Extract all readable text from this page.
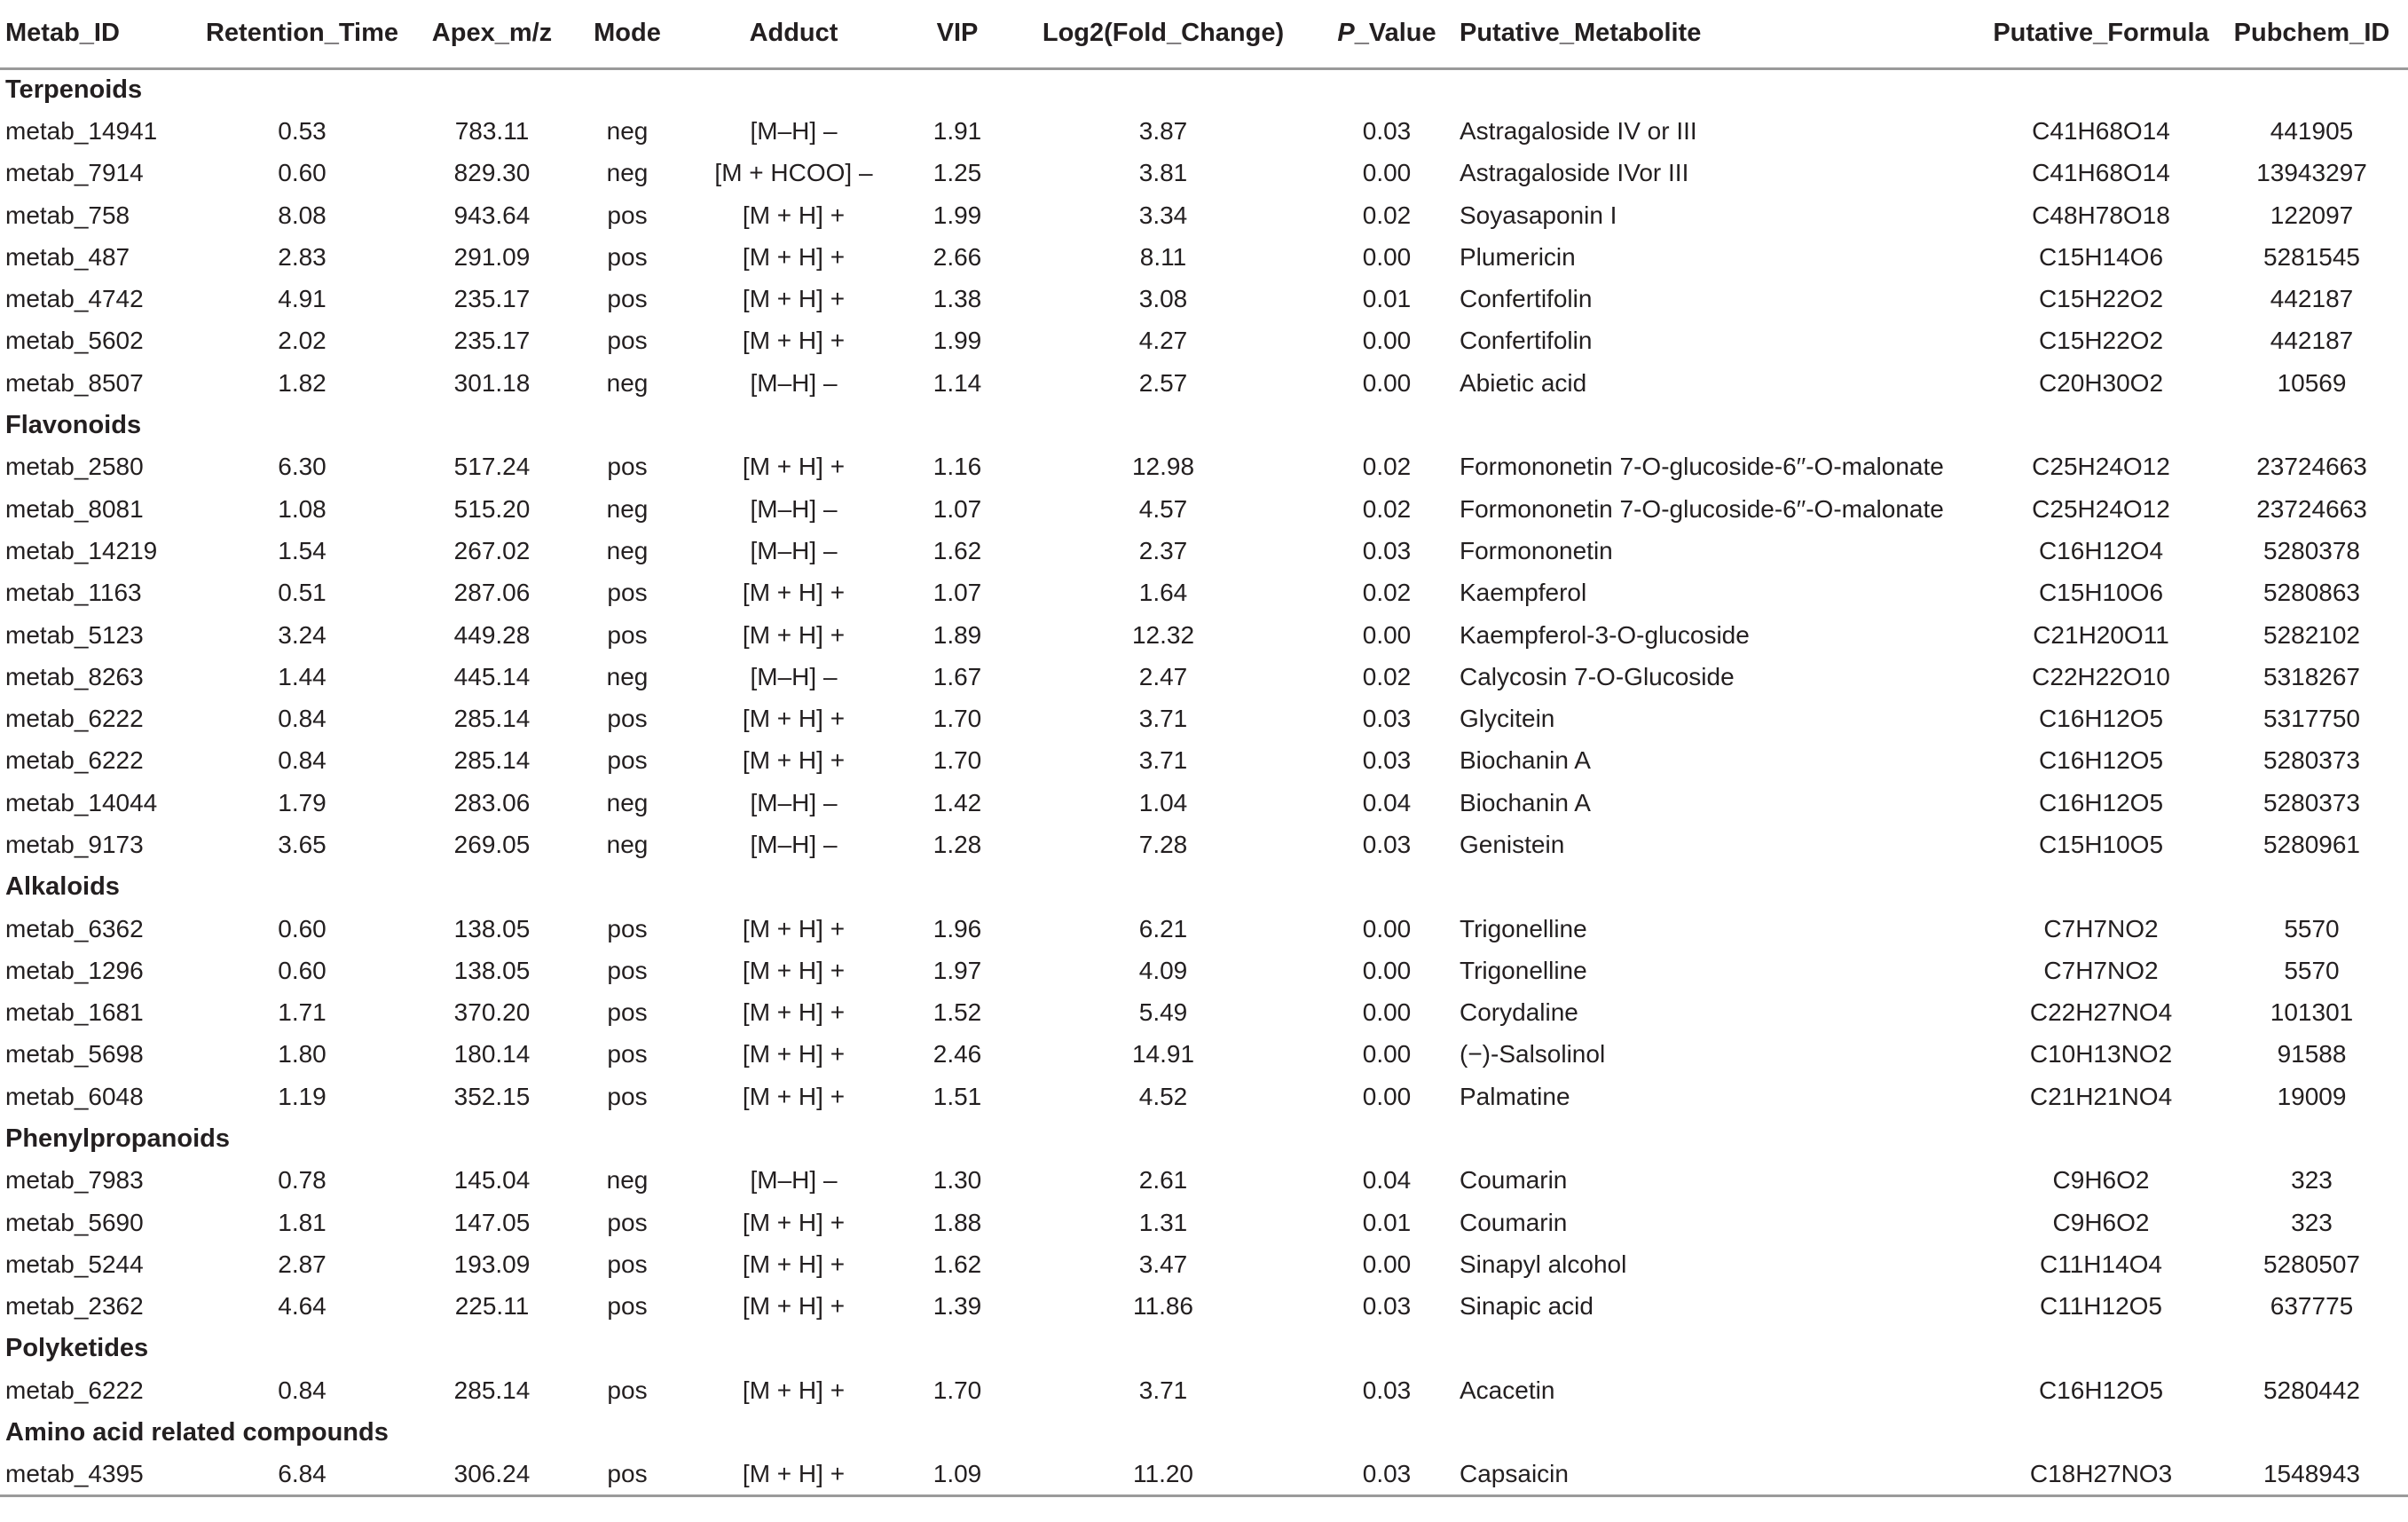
Metab_ID	Retention_Time	Apex_m/z	Mode	Adduct	VIP	Log2(Fold_Change)	P_Value	Putative_Metabolite	Putative_Formula	Pubchem_ID
Terpenoids										
metab_14941	0.53	783.11	neg	[M–H] –	1.91	3.87	0.03	Astragaloside IV or III	C41H68O14	441905
metab_7914	0.60	829.30	neg	[M + HCOO] –	1.25	3.81	0.00	Astragaloside IVor III	C41H68O14	13943297
metab_758	8.08	943.64	pos	[M + H] +	1.99	3.34	0.02	Soyasaponin I	C48H78O18	122097
metab_487	2.83	291.09	pos	[M + H] +	2.66	8.11	0.00	Plumericin	C15H14O6	5281545
metab_4742	4.91	235.17	pos	[M + H] +	1.38	3.08	0.01	Confertifolin	C15H22O2	442187
metab_5602	2.02	235.17	pos	[M + H] +	1.99	4.27	0.00	Confertifolin	C15H22O2	442187
metab_8507	1.82	301.18	neg	[M–H] –	1.14	2.57	0.00	Abietic acid	C20H30O2	10569
Flavonoids										
metab_2580	6.30	517.24	pos	[M + H] +	1.16	12.98	0.02	Formononetin 7-O-glucoside-6′′-O-malonate	C25H24O12	23724663
metab_8081	1.08	515.20	neg	[M–H] –	1.07	4.57	0.02	Formononetin 7-O-glucoside-6′′-O-malonate	C25H24O12	23724663
metab_14219	1.54	267.02	neg	[M–H] –	1.62	2.37	0.03	Formononetin	C16H12O4	5280378
metab_1163	0.51	287.06	pos	[M + H] +	1.07	1.64	0.02	Kaempferol	C15H10O6	5280863
metab_5123	3.24	449.28	pos	[M + H] +	1.89	12.32	0.00	Kaempferol-3-O-glucoside	C21H20O11	5282102
metab_8263	1.44	445.14	neg	[M–H] –	1.67	2.47	0.02	Calycosin 7-O-Glucoside	C22H22O10	5318267
metab_6222	0.84	285.14	pos	[M + H] +	1.70	3.71	0.03	Glycitein	C16H12O5	5317750
metab_6222	0.84	285.14	pos	[M + H] +	1.70	3.71	0.03	Biochanin A	C16H12O5	5280373
metab_14044	1.79	283.06	neg	[M–H] –	1.42	1.04	0.04	Biochanin A	C16H12O5	5280373
metab_9173	3.65	269.05	neg	[M–H] –	1.28	7.28	0.03	Genistein	C15H10O5	5280961
Alkaloids										
metab_6362	0.60	138.05	pos	[M + H] +	1.96	6.21	0.00	Trigonelline	C7H7NO2	5570
metab_1296	0.60	138.05	pos	[M + H] +	1.97	4.09	0.00	Trigonelline	C7H7NO2	5570
metab_1681	1.71	370.20	pos	[M + H] +	1.52	5.49	0.00	Corydaline	C22H27NO4	101301
metab_5698	1.80	180.14	pos	[M + H] +	2.46	14.91	0.00	(−)-Salsolinol	C10H13NO2	91588
metab_6048	1.19	352.15	pos	[M + H] +	1.51	4.52	0.00	Palmatine	C21H21NO4	19009
Phenylpropanoids										
metab_7983	0.78	145.04	neg	[M–H] –	1.30	2.61	0.04	Coumarin	C9H6O2	323
metab_5690	1.81	147.05	pos	[M + H] +	1.88	1.31	0.01	Coumarin	C9H6O2	323
metab_5244	2.87	193.09	pos	[M + H] +	1.62	3.47	0.00	Sinapyl alcohol	C11H14O4	5280507
metab_2362	4.64	225.11	pos	[M + H] +	1.39	11.86	0.03	Sinapic acid	C11H12O5	637775
Polyketides										
metab_6222	0.84	285.14	pos	[M + H] +	1.70	3.71	0.03	Acacetin	C16H12O5	5280442
Amino acid related compounds										
metab_4395	6.84	306.24	pos	[M + H] +	1.09	11.20	0.03	Capsaicin	C18H27NO3	1548943
